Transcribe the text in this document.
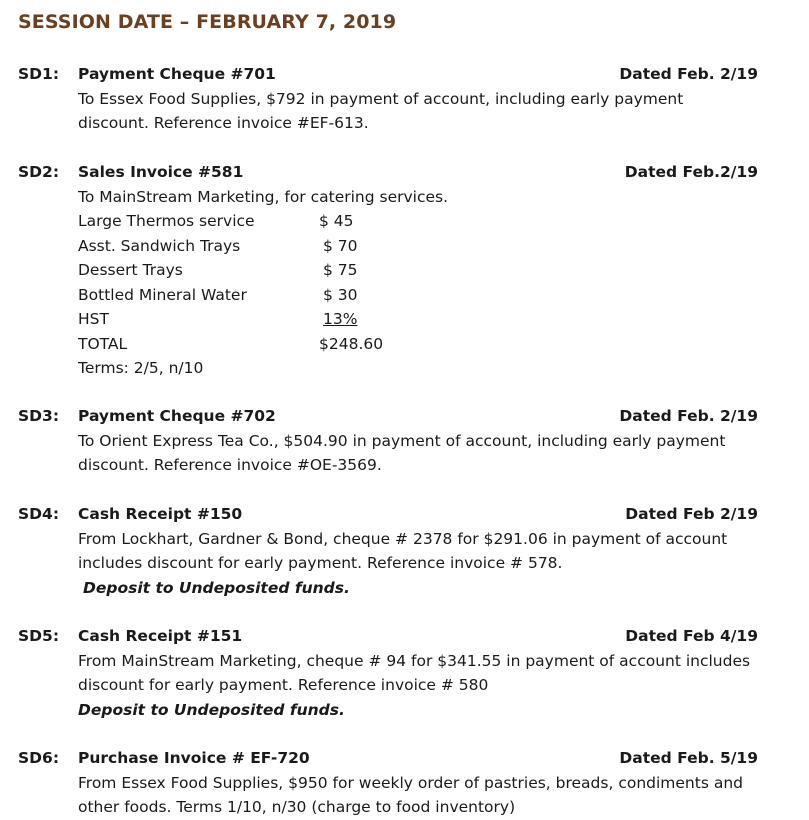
SESSION DATE – FEBRUARY 7, 2019
SD1: Payment Cheque #701	Dated Feb. 2/19

To Essex Food Supplies, $792 in payment of account, including early payment discount. Reference invoice #EF-613.

SD2: Sales Invoice #581	Dated Feb.2/19

To MainStream Marketing, for catering services.

Large Thermos service	$ 45
Asst. Sandwich Trays	$ 70
Dessert Trays	$ 75
Bottled Mineral Water	$ 30
HST	13%
TOTAL	$248.60

Terms: 2/5, n/10

SD3: Payment Cheque #702	Dated Feb. 2/19

To Orient Express Tea Co., $504.90 in payment of account, including early payment discount. Reference invoice #OE-3569.

SD4: Cash Receipt #150	Dated Feb 2/19

From Lockhart, Gardner & Bond, cheque # 2378 for $291.06 in payment of account includes discount for early payment. Reference invoice # 578.

Deposit to Undeposited funds.

SD5: Cash Receipt #151	Dated Feb 4/19

From MainStream Marketing, cheque # 94 for $341.55 in payment of account includes discount for early payment. Reference invoice # 580

Deposit to Undeposited funds.

SD6: Purchase Invoice # EF-720	Dated Feb. 5/19

From Essex Food Supplies, $950 for weekly order of pastries, breads, condiments and other foods. Terms 1/10, n/30 (charge to food inventory)
